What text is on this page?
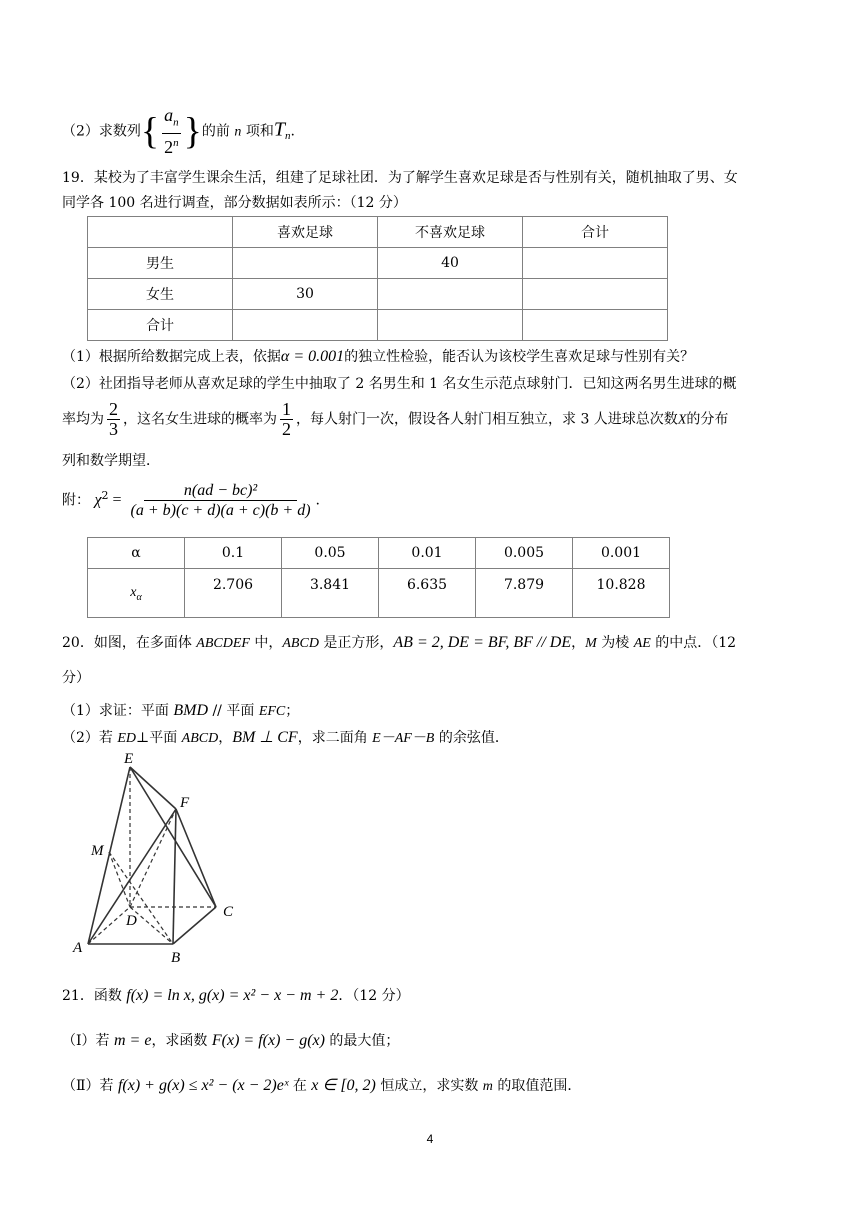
（2）求数列{ $\frac{a_n}{2^n}$ }的前 n 项和$T_n$.
19．某校为了丰富学生课余生活，组建了足球社团．为了解学生喜欢足球是否与性别有关，随机抽取了男、女
同学各 100 名进行调查，部分数据如表所示：（12 分）
	喜欢足球	不喜欢足球	合计
男生		40	
女生	30		
合计			
（1）根据所给数据完成上表，依据α = 0.001的独立性检验，能否认为该校学生喜欢足球与性别有关？
（2）社团指导老师从喜欢足球的学生中抽取了 2 名男生和 1 名女生示范点球射门．已知这两名男生进球的概
率均为 $\frac{2}{3}$ ，这名女生进球的概率为 $\frac{1}{2}$ ，每人射门一次，假设各人射门相互独立，求 3 人进球总次数X的分布
列和数学期望．
附： $\chi^2 = \frac{\text{n(ad − bc)²}}{(a + b)(c + d)(a + c)(b + d)}$ .
α	0.1	0.05	0.01	0.005	0.001
$x_\alpha$	2.706	3.841	6.635	7.879	10.828
20．如图，在多面体 ABCDEF 中，ABCD 是正方形，AB = 2, DE = BF, BF // DE，M 为棱 AE 的中点．（12
分）
（1）求证：平面 BMD // 平面 EFC；
（2）若 ED⊥平面 ABCD，BM ⊥ CF，求二面角 E－AF－B 的余弦值．
E
F
M
D
C
A
B
21．函数 f(x) = ln x, g(x) = x² − x − m + 2．（12 分）
（Ⅰ）若 m = e，求函数 F(x) = f(x) − g(x) 的最大值；
（Ⅱ）若 f(x) + g(x) ≤ x² − (x − 2)eˣ 在 x ∈ [0, 2) 恒成立，求实数 m 的取值范围．
4
